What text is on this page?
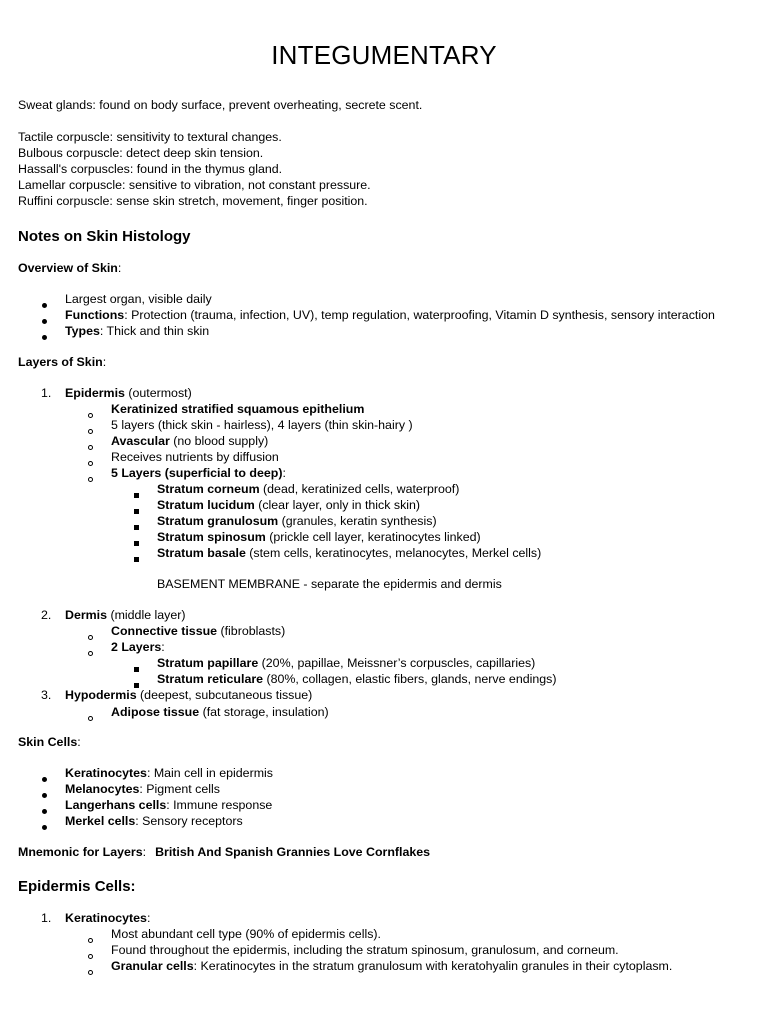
INTEGUMENTARY
Sweat glands: found on body surface, prevent overheating, secrete scent.
Tactile corpuscle: sensitivity to textural changes.
Bulbous corpuscle: detect deep skin tension.
Hassall's corpuscles: found in the thymus gland.
Lamellar corpuscle: sensitive to vibration, not constant pressure.
Ruffini corpuscle: sense skin stretch, movement, finger position.
Notes on Skin Histology
Overview of Skin:
Largest organ, visible daily
Functions: Protection (trauma, infection, UV), temp regulation, waterproofing, Vitamin D synthesis, sensory interaction
Types: Thick and thin skin
Layers of Skin:
1. Epidermis (outermost)
Keratinized stratified squamous epithelium
5 layers (thick skin - hairless), 4 layers (thin skin-hairy )
Avascular (no blood supply)
Receives nutrients by diffusion
5 Layers (superficial to deep):
Stratum corneum (dead, keratinized cells, waterproof)
Stratum lucidum (clear layer, only in thick skin)
Stratum granulosum (granules, keratin synthesis)
Stratum spinosum (prickle cell layer, keratinocytes linked)
Stratum basale (stem cells, keratinocytes, melanocytes, Merkel cells)
BASEMENT MEMBRANE - separate the epidermis and dermis
2. Dermis (middle layer)
Connective tissue (fibroblasts)
2 Layers:
Stratum papillare (20%, papillae, Meissner’s corpuscles, capillaries)
Stratum reticulare (80%, collagen, elastic fibers, glands, nerve endings)
3. Hypodermis (deepest, subcutaneous tissue)
Adipose tissue (fat storage, insulation)
Skin Cells:
Keratinocytes: Main cell in epidermis
Melanocytes: Pigment cells
Langerhans cells: Immune response
Merkel cells: Sensory receptors
Mnemonic for Layers: British And Spanish Grannies Love Cornflakes
Epidermis Cells:
1. Keratinocytes:
Most abundant cell type (90% of epidermis cells).
Found throughout the epidermis, including the stratum spinosum, granulosum, and corneum.
Granular cells: Keratinocytes in the stratum granulosum with keratohyalin granules in their cytoplasm.
